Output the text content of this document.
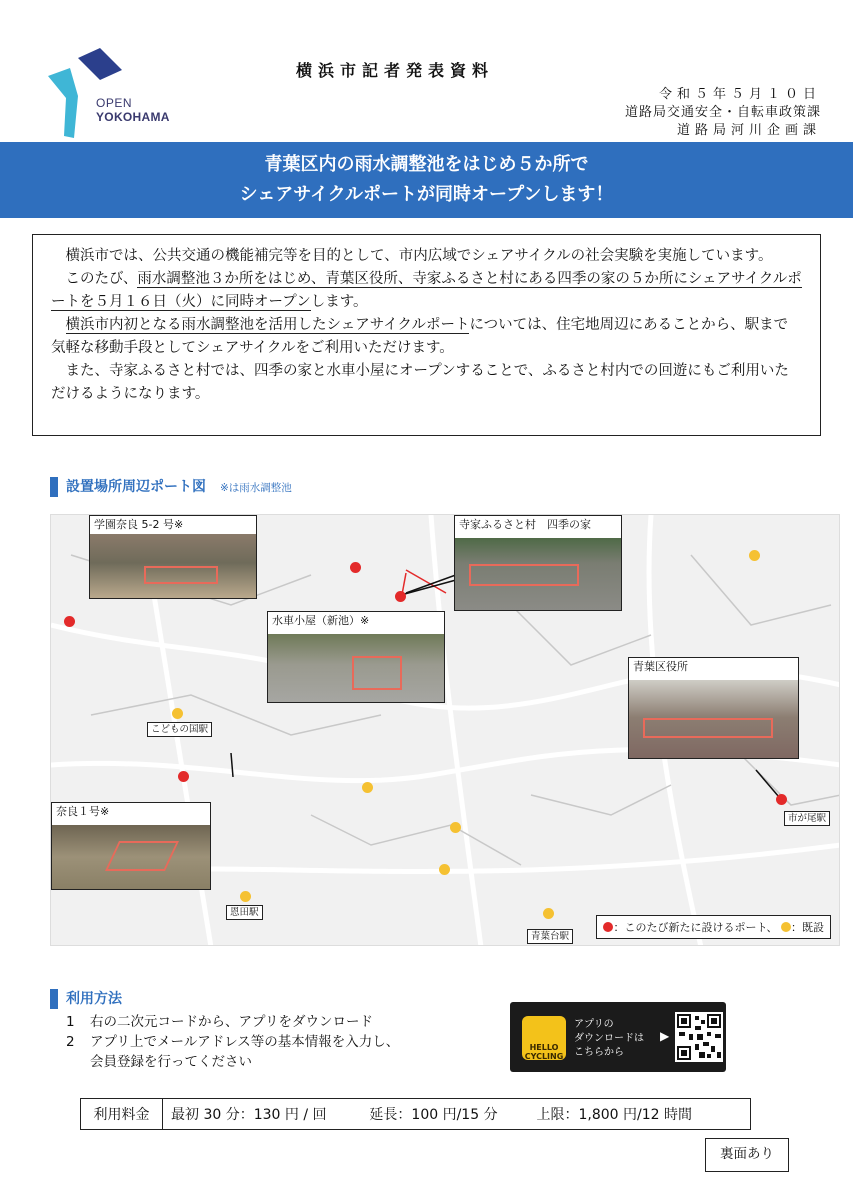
OPEN
YOKOHAMA
横浜市記者発表資料
令和５年５月１０日
道路局交通安全・自転車政策課
道路局河川企画課
青葉区内の雨水調整池をはじめ５か所で
シェアサイクルポートが同時オープンします！

横浜市では、公共交通の機能補完等を目的として、市内広域でシェアサイクルの社会実験を実施しています。

このたび、雨水調整池３か所をはじめ、青葉区役所、寺家ふるさと村にある四季の家の５か所にシェアサイクルポートを５月１６日（火）に同時オープンします。

横浜市内初となる雨水調整池を活用したシェアサイクルポートについては、住宅地周辺にあることから、駅まで気軽な移動手段としてシェアサイクルをご利用いただけます。

また、寺家ふるさと村では、四季の家と水車小屋にオープンすることで、ふるさと村内での回遊にもご利用いただけるようになります。

設置場所周辺ポート図 ※は雨水調整池
こどもの国駅
市が尾駅
恩田駅
青葉台駅
学園奈良 5-2 号※	寺家ふるさと村　四季の家
水車小屋（新池）※
青葉区役所
奈良１号※
：このたび新たに設けるポート、 ：既設
利用方法
1 右の二次元コードから、アプリをダウンロード
2 アプリ上でメールアドレス等の基本情報を入力し、
会員登録を行ってください
HELLO CYCLING
アプリの
ダウンロードは
こちらから
▶
利用料金	最初 30 分：130 円 / 回	延長：100 円/15 分	上限：1,800 円/12 時間
裏面あり
